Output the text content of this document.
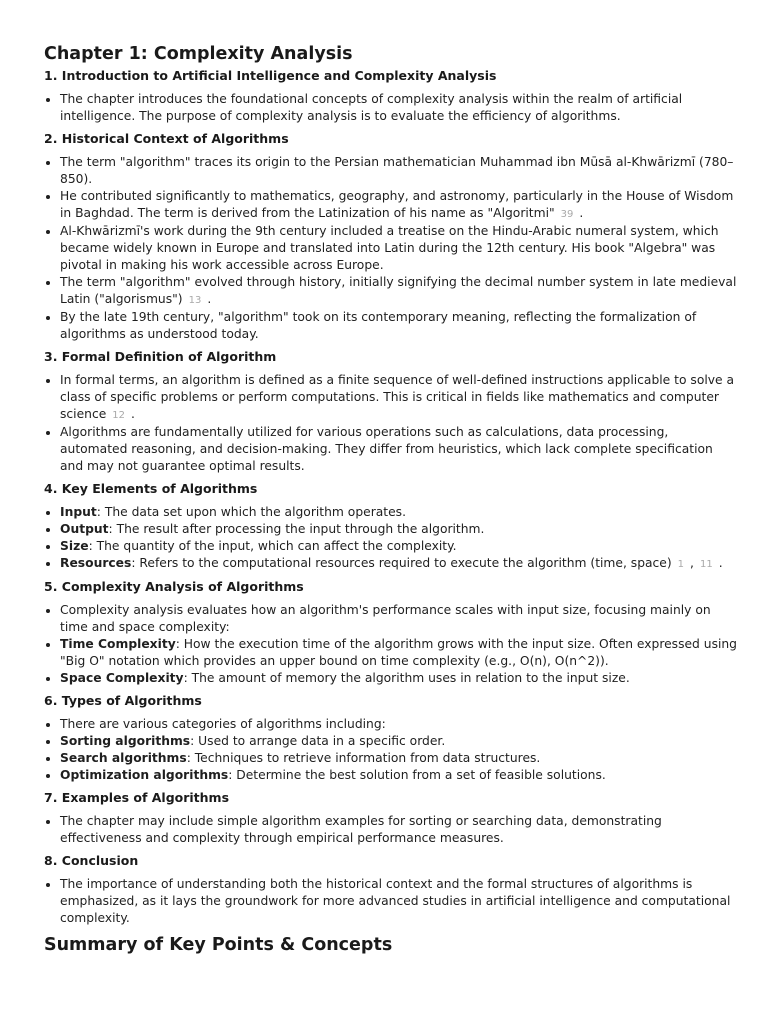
Chapter 1: Complexity Analysis
1. Introduction to Artificial Intelligence and Complexity Analysis
• The chapter introduces the foundational concepts of complexity analysis within the realm of artificial intelligence. The purpose of complexity analysis is to evaluate the efficiency of algorithms.
2. Historical Context of Algorithms
• The term "algorithm" traces its origin to the Persian mathematician Muhammad ibn Mūsā al-Khwārizmī (780–850).
• He contributed significantly to mathematics, geography, and astronomy, particularly in the House of Wisdom in Baghdad. The term is derived from the Latinization of his name as "Algoritmi" 39 .
• Al-Khwārizmī's work during the 9th century included a treatise on the Hindu-Arabic numeral system, which became widely known in Europe and translated into Latin during the 12th century. His book "Algebra" was pivotal in making his work accessible across Europe.
• The term "algorithm" evolved through history, initially signifying the decimal number system in late medieval Latin ("algorismus") 13 .
• By the late 19th century, "algorithm" took on its contemporary meaning, reflecting the formalization of algorithms as understood today.
3. Formal Definition of Algorithm
• In formal terms, an algorithm is defined as a finite sequence of well-defined instructions applicable to solve a class of specific problems or perform computations. This is critical in fields like mathematics and computer science 12 .
• Algorithms are fundamentally utilized for various operations such as calculations, data processing, automated reasoning, and decision-making. They differ from heuristics, which lack complete specification and may not guarantee optimal results.
4. Key Elements of Algorithms
• Input: The data set upon which the algorithm operates.
• Output: The result after processing the input through the algorithm.
• Size: The quantity of the input, which can affect the complexity.
• Resources: Refers to the computational resources required to execute the algorithm (time, space) 1 , 11 .
5. Complexity Analysis of Algorithms
• Complexity analysis evaluates how an algorithm's performance scales with input size, focusing mainly on time and space complexity:
• Time Complexity: How the execution time of the algorithm grows with the input size. Often expressed using "Big O" notation which provides an upper bound on time complexity (e.g., O(n), O(n^2)).
• Space Complexity: The amount of memory the algorithm uses in relation to the input size.
6. Types of Algorithms
• There are various categories of algorithms including:
• Sorting algorithms: Used to arrange data in a specific order.
• Search algorithms: Techniques to retrieve information from data structures.
• Optimization algorithms: Determine the best solution from a set of feasible solutions.
7. Examples of Algorithms
• The chapter may include simple algorithm examples for sorting or searching data, demonstrating effectiveness and complexity through empirical performance measures.
8. Conclusion
• The importance of understanding both the historical context and the formal structures of algorithms is emphasized, as it lays the groundwork for more advanced studies in artificial intelligence and computational complexity.
Summary of Key Points & Concepts
